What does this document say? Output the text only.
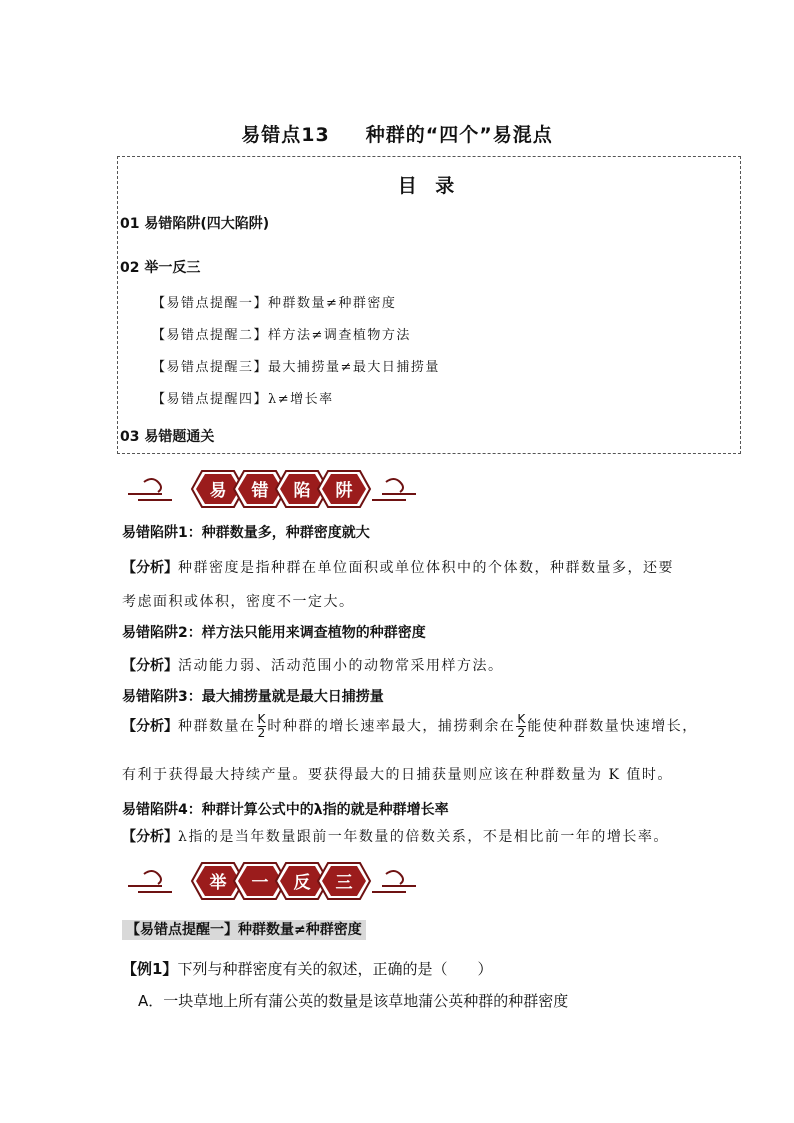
易错点13 种群的“四个”易混点
目 录
01 易错陷阱(四大陷阱)
02 举一反三
【易错点提醒一】种群数量≠种群密度
【易错点提醒二】样方法≠调查植物方法
【易错点提醒三】最大捕捞量≠最大日捕捞量
【易错点提醒四】λ≠增长率
03 易错题通关
易 错 陷 阱
易错陷阱1：种群数量多，种群密度就大
【分析】种群密度是指种群在单位面积或单位体积中的个体数，种群数量多，还要
考虑面积或体积，密度不一定大。
易错陷阱2：样方法只能用来调查植物的种群密度
【分析】活动能力弱、活动范围小的动物常采用样方法。
易错陷阱3：最大捕捞量就是最大日捕捞量
【分析】种群数量在 $\frac{K}{2}$ 时种群的增长速率最大，捕捞剩余在 $\frac{K}{2}$ 能使种群数量快速增长，
有利于获得最大持续产量。要获得最大的日捕获量则应该在种群数量为 K 值时。
易错陷阱4：种群计算公式中的λ指的就是种群增长率
【分析】λ指的是当年数量跟前一年数量的倍数关系，不是相比前一年的增长率。
举 一 反 三
【易错点提醒一】种群数量≠种群密度
【例1】下列与种群密度有关的叙述，正确的是（　　）
A．一块草地上所有蒲公英的数量是该草地蒲公英种群的种群密度
